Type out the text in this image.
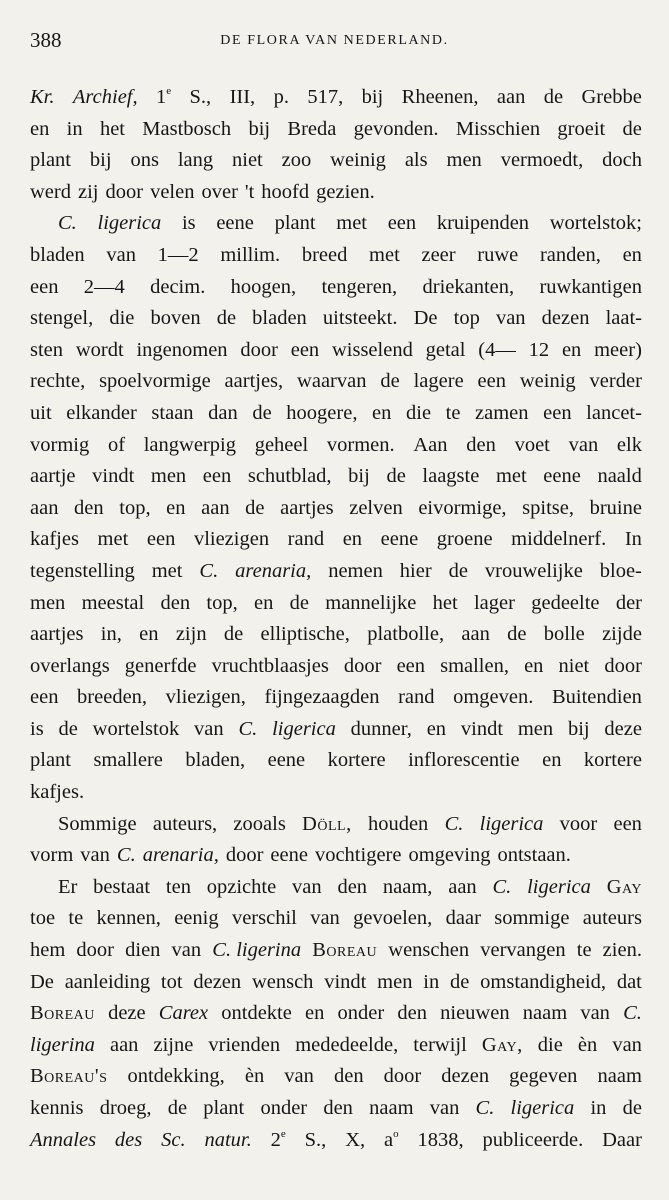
388	DE FLORA VAN NEDERLAND.
Kr. Archief, 1e S., III, p. 517, bij Rheenen, aan de Grebbe
en in het Mastbosch bij Breda gevonden. Misschien groeit de
plant bij ons lang niet zoo weinig als men vermoedt, doch
werd zij door velen over 't hoofd gezien.
C. ligerica is eene plant met een kruipenden wortelstok;
bladen van 1—2 millim. breed met zeer ruwe randen, en
een 2—4 decim. hoogen, tengeren, driekanten, ruwkantigen
stengel, die boven de bladen uitsteekt. De top van dezen laat-
sten wordt ingenomen door een wisselend getal (4— 12 en meer)
rechte, spoelvormige aartjes, waarvan de lagere een weinig verder
uit elkander staan dan de hoogere, en die te zamen een lancet-
vormig of langwerpig geheel vormen. Aan den voet van elk
aartje vindt men een schutblad, bij de laagste met eene naald
aan den top, en aan de aartjes zelven eivormige, spitse, bruine
kafjes met een vliezigen rand en eene groene middelnerf. In
tegenstelling met C. arenaria, nemen hier de vrouwelijke bloe-
men meestal den top, en de mannelijke het lager gedeelte der
aartjes in, en zijn de elliptische, platbolle, aan de bolle zijde
overlangs generfde vruchtblaasjes door een smallen, en niet door
een breeden, vliezigen, fijngezaagden rand omgeven. Buitendien
is de wortelstok van C. ligerica dunner, en vindt men bij deze
plant smallere bladen, eene kortere inflorescentie en kortere
kafjes.
Sommige auteurs, zooals Döll, houden C. ligerica voor een
vorm van C. arenaria, door eene vochtigere omgeving ontstaan.
Er bestaat ten opzichte van den naam, aan C. ligerica Gay
toe te kennen, eenig verschil van gevoelen, daar sommige auteurs
hem door dien van C. ligerina Boreau wenschen vervangen te zien.
De aanleiding tot dezen wensch vindt men in de omstandigheid, dat
Boreau deze Carex ontdekte en onder den nieuwen naam van C.
ligerina aan zijne vrienden mededeelde, terwijl Gay, die èn van
Boreau's ontdekking, èn van den door dezen gegeven naam
kennis droeg, de plant onder den naam van C. ligerica in de
Annales des Sc. natur. 2e S., X, $a^o$ 1838, publiceerde. Daar
